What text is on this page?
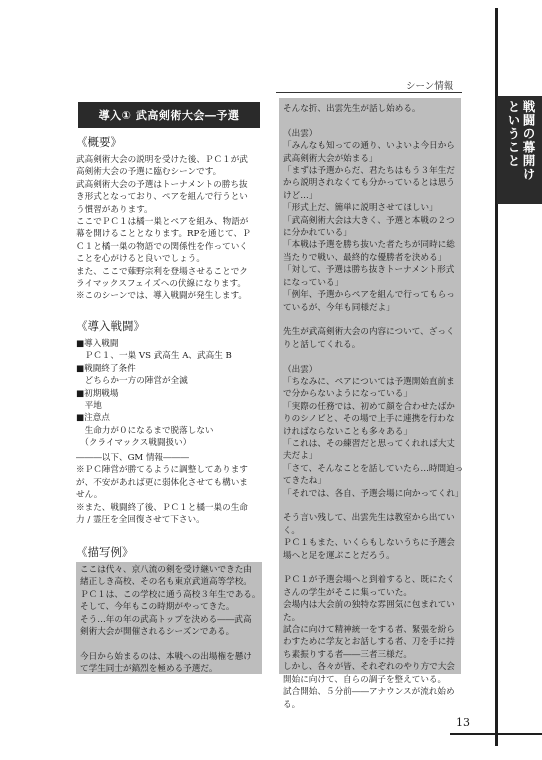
戦闘の幕開け
ということ
シーン情報
導入① 武高剣術大会―予選
《概要》
武高剣術大会の説明を受けた後、ＰＣ１が武
高剣術大会の予選に臨むシーンです。
武高剣術大会の予選はトーナメントの勝ち抜
き形式となっており、ペアを組んで行うとい
う慣習があります。
ここでＰＣ１は橘一巣とペアを組み、物語が
幕を開けることとなります。RPを通じて、Ｐ
Ｃ１と橘一巣の物語での関係性を作っていく
ことを心がけると良いでしょう。
また、ここで薙野宗利を登場させることでク
ライマックスフェイズへの伏線になります。
※このシーンでは、導入戦闘が発生します。
《導入戦闘》
■導入戦闘
　ＰＣ１、一巣 VS 武高生 A、武高生 B
■戦闘終了条件
　どちらか一方の陣営が全滅
■初期戦場
　平地
■注意点
　生命力が０になるまで脱落しない
　（クライマックス戦闘扱い）
―――以下、GM 情報―――
※ＰＣ陣営が勝てるように調整してあります
が、不安があれば更に弱体化させても構いま
せん。
※また、戦闘終了後、ＰＣ１と橘一巣の生命
力 / 霊圧を全回復させて下さい。
《描写例》
ここは代々、京八流の剣を受け継いできた由
緒正しき高校、その名も東京武道高等学校。
ＰＣ１は、この学校に通う高校３年生である。
そして、今年もこの時期がやってきた。
そう…年の年の武高トップを決める――武高
剣術大会が開催されるシーズンである。

今日から始まるのは、本戦への出場権を懸け
て学生同士が鎬烈を極める予選だ。
そんな折、出雲先生が話し始める。

（出雲）
「みんなも知っての通り、いよいよ今日から
武高剣術大会が始まる」
「まずは予選からだ、君たちはもう３年生だ
から説明されなくても分かっているとは思う
けど…」
「形式上だ、簡単に説明させてほしい」
「武高剣術大会は大きく、予選と本戦の２つ
に分かれている」
「本戦は予選を勝ち抜いた者たちが同時に総
当たりで戦い、最終的な優勝者を決める」
「対して、予選は勝ち抜きトーナメント形式
になっている」
「例年、予選からペアを組んで行ってもらっ
ているが、今年も同様だよ」

先生が武高剣術大会の内容について、ざっく
りと話してくれる。

（出雲）
「ちなみに、ペアについては予選開始直前ま
で分からないようになっている」
「実際の任務では、初めて顔を合わせたばか
りのシノビと、その場で上手に連携を行わな
ければならないことも多々ある」
「これは、その練習だと思ってくれれば大丈
夫だよ」
「さて、そんなことを話していたら…時間迫っ
てきたね」
「それでは、各自、予選会場に向かってくれ」

そう言い残して、出雲先生は教室から出てい
く。
ＰＣ１もまた、いくらもしないうちに予選会
場へと足を運ぶことだろう。

ＰＣ１が予選会場へと到着すると、既にたく
さんの学生がそこに集っていた。
会場内は大会前の独特な雰囲気に包まれてい
た。
試合に向けて精神統一をする者、緊張を紛ら
わすために学友とお話しする者、刀を手に持
ち素振りする者――三者三様だ。
しかし、各々が皆、それぞれのやり方で大会
開始に向けて、自らの調子を整えている。
試合開始、５分前――アナウンスが流れ始め
る。
13
